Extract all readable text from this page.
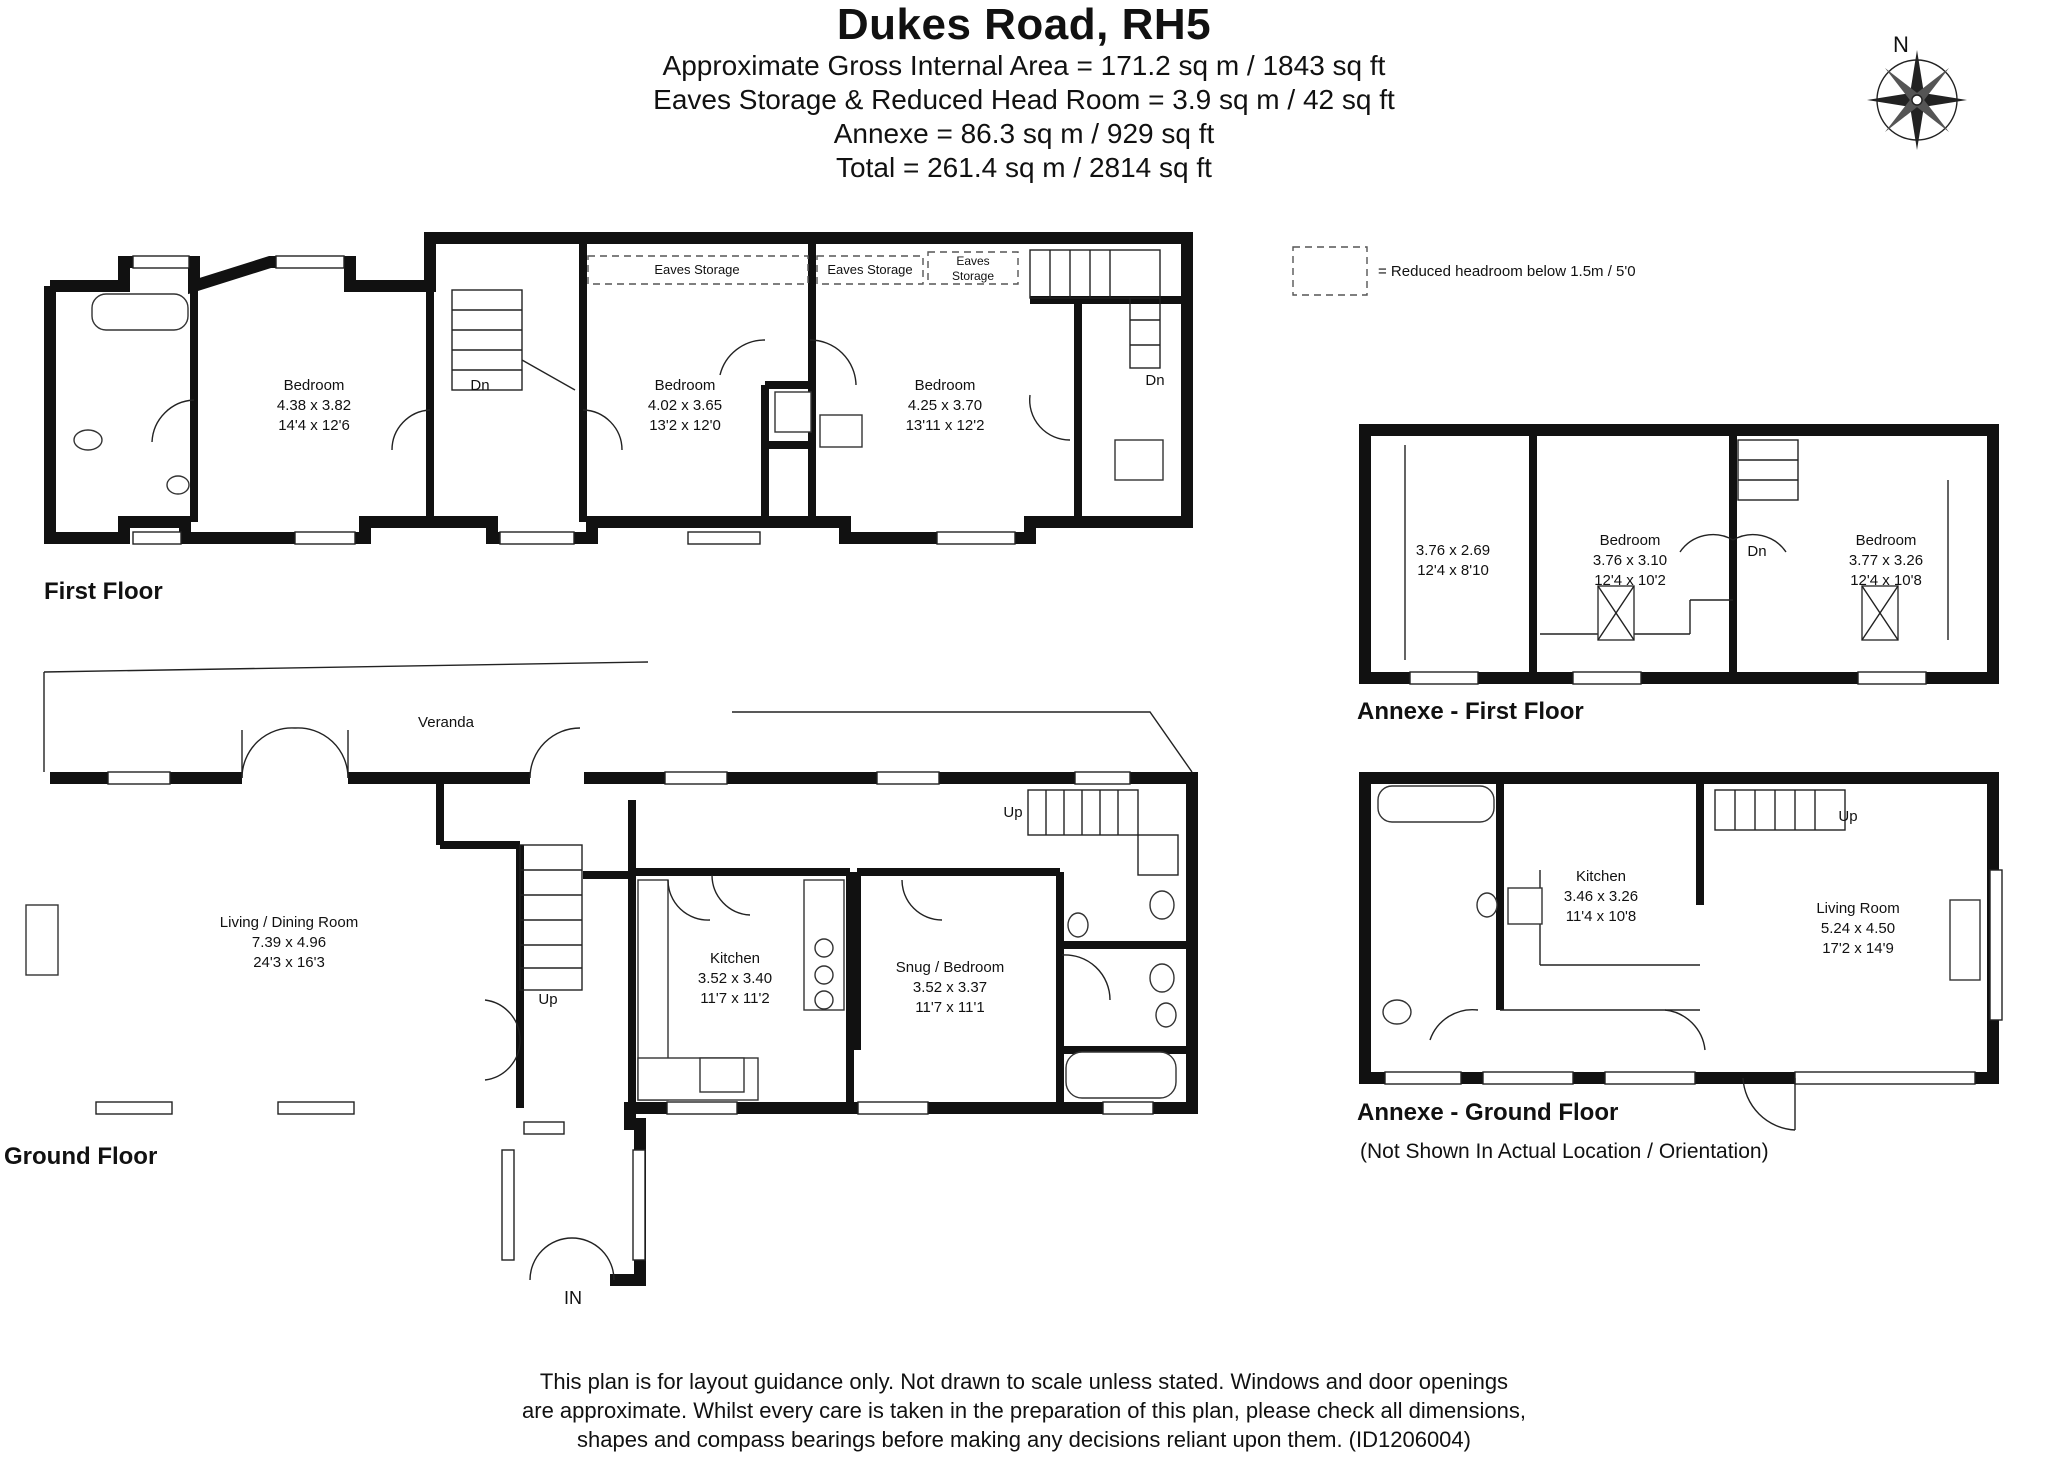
Dukes Road, RH5
Approximate Gross Internal Area = 171.2 sq m / 1843 sq ft
Eaves Storage & Reduced Head Room = 3.9 sq m / 42 sq ft
Annexe = 86.3 sq m / 929 sq ft
Total = 261.4 sq m / 2814 sq ft
= Reduced headroom below 1.5m / 5'0
First Floor
Ground Floor
Annexe - First Floor
Annexe - Ground Floor
(Not Shown In Actual Location / Orientation)
This plan is for layout guidance only. Not drawn to scale unless stated. Windows and door openings
are approximate. Whilst every care is taken in the preparation of this plan, please check all dimensions,
shapes and compass bearings before making any decisions reliant upon them. (ID1206004)
N
Eaves Storage	Eaves Storage
Eaves
Storage
Dn	Dn
Bedroom
4.38 x 3.82
14'4 x 12'6
Bedroom
4.02 x 3.65
13'2 x 12'0
Bedroom
4.25 x 3.70
13'11 x 12'2
Veranda
Up
Up
IN
Living / Dining Room
7.39 x 4.96
24'3 x 16'3	Kitchen
3.52 x 3.40
11'7 x 11'2
Snug / Bedroom
3.52 x 3.37
11'7 x 11'1
Dn
3.76 x 2.69
12'4 x 8'10
Bedroom
3.76 x 3.10
12'4 x 10'2
Bedroom
3.77 x 3.26
12'4 x 10'8
Up
Kitchen
3.46 x 3.26
11'4 x 10'8	Living Room
5.24 x 4.50
17'2 x 14'9
